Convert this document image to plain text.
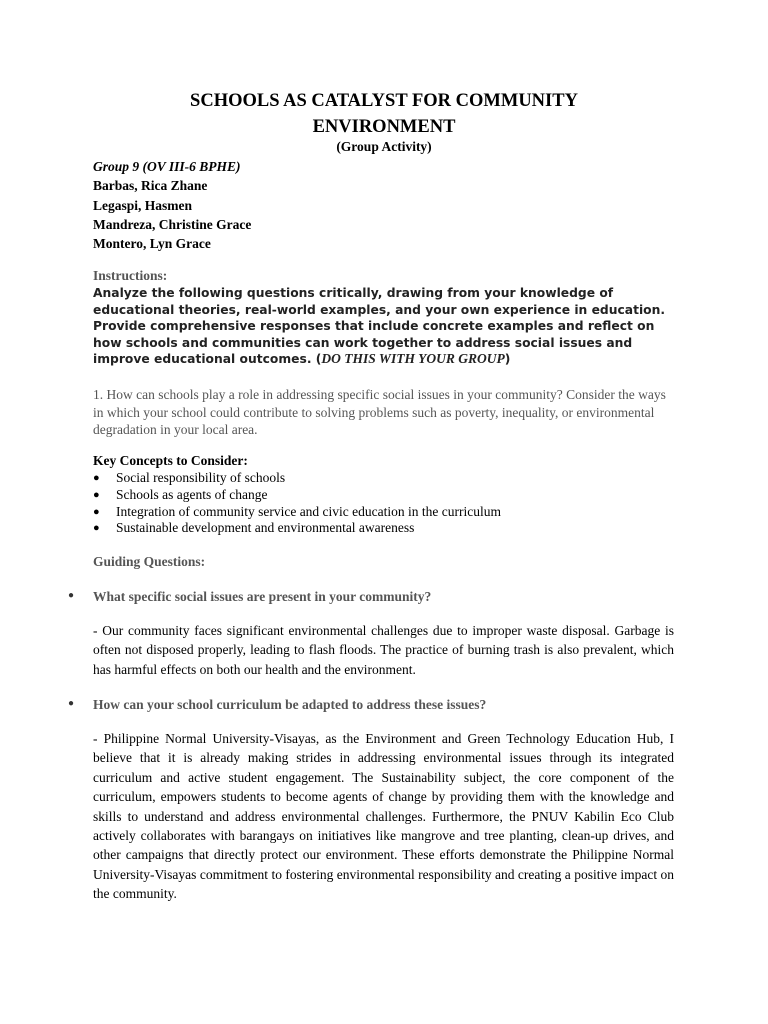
SCHOOLS AS CATALYST FOR COMMUNITY
ENVIRONMENT
(Group Activity)
Group 9 (OV III-6 BPHE)
Barbas, Rica Zhane
Legaspi, Hasmen
Mandreza, Christine Grace
Montero, Lyn Grace
Instructions:
Analyze the following questions critically, drawing from your knowledge of educational theories, real-world examples, and your own experience in education. Provide comprehensive responses that include concrete examples and reflect on how schools and communities can work together to address social issues and improve educational outcomes. (DO THIS WITH YOUR GROUP)
1. How can schools play a role in addressing specific social issues in your community? Consider the ways in which your school could contribute to solving problems such as poverty, inequality, or environmental degradation in your local area.
Key Concepts to Consider:
● Social responsibility of schools
● Schools as agents of change
● Integration of community service and civic education in the curriculum
● Sustainable development and environmental awareness
Guiding Questions:
● What specific social issues are present in your community?
- Our community faces significant environmental challenges due to improper waste disposal. Garbage is often not disposed properly, leading to flash floods. The practice of burning trash is also prevalent, which has harmful effects on both our health and the environment.
● How can your school curriculum be adapted to address these issues?
- Philippine Normal University-Visayas, as the Environment and Green Technology Education Hub, I believe that it is already making strides in addressing environmental issues through its integrated curriculum and active student engagement. The Sustainability subject, the core component of the curriculum, empowers students to become agents of change by providing them with the knowledge and skills to understand and address environmental challenges. Furthermore, the PNUV Kabilin Eco Club actively collaborates with barangays on initiatives like mangrove and tree planting, clean-up drives, and other campaigns that directly protect our environment. These efforts demonstrate the Philippine Normal University-Visayas commitment to fostering environmental responsibility and creating a positive impact on the community.
